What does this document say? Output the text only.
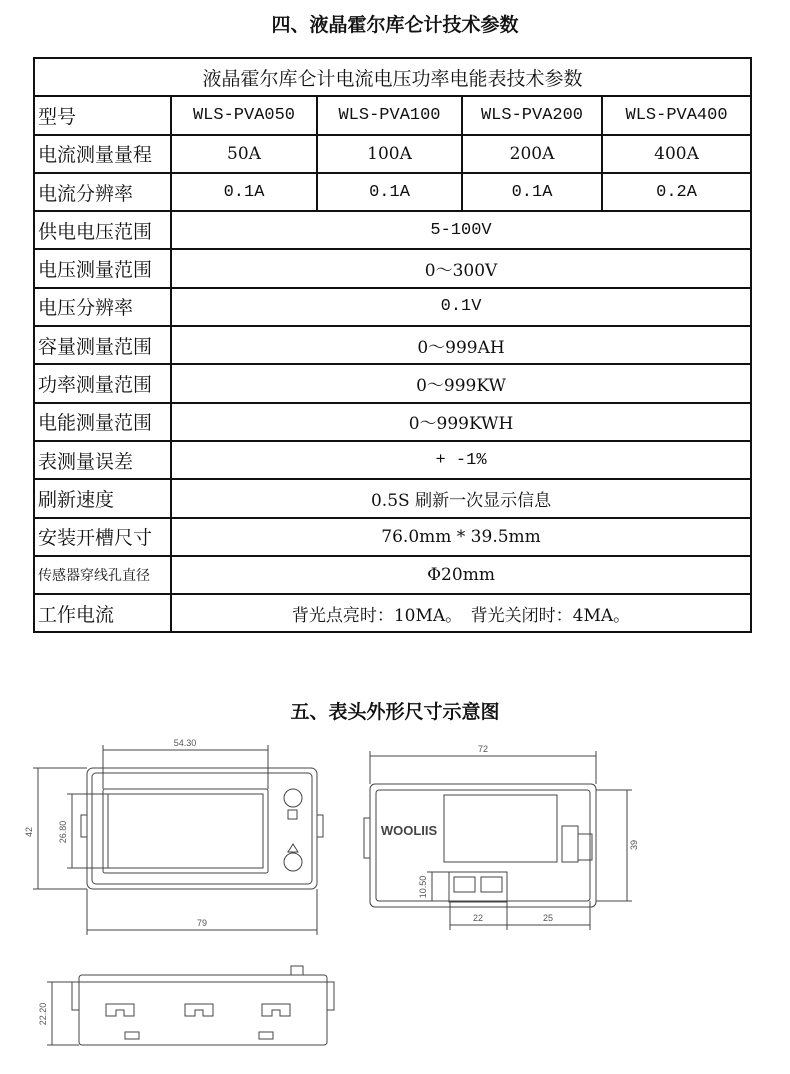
四、液晶霍尔库仑计技术参数
液晶霍尔库仑计电流电压功率电能表技术参数				
型号	WLS-PVA050	WLS-PVA100	WLS-PVA200	WLS-PVA400
电流测量量程	50A	100A	200A	400A
电流分辨率	0.1A	0.1A	0.1A	0.2A
供电电压范围	5-100V			
电压测量范围	0～300V			
电压分辨率	0.1V			
容量测量范围	0～999AH			
功率测量范围	0～999KW			
电能测量范围	0～999KWH			
表测量误差	+ -1%			
刷新速度	0.5S 刷新一次显示信息			
安装开槽尺寸	76.0mm * 39.5mm			
传感器穿线孔直径	Φ20mm			
工作电流	背光点亮时：10MA。　背光关闭时：4MA。			
五、表头外形尺寸示意图
54.30
42	26.80
79
72
39
10.50
22	25
22.20
WOOLIIS
